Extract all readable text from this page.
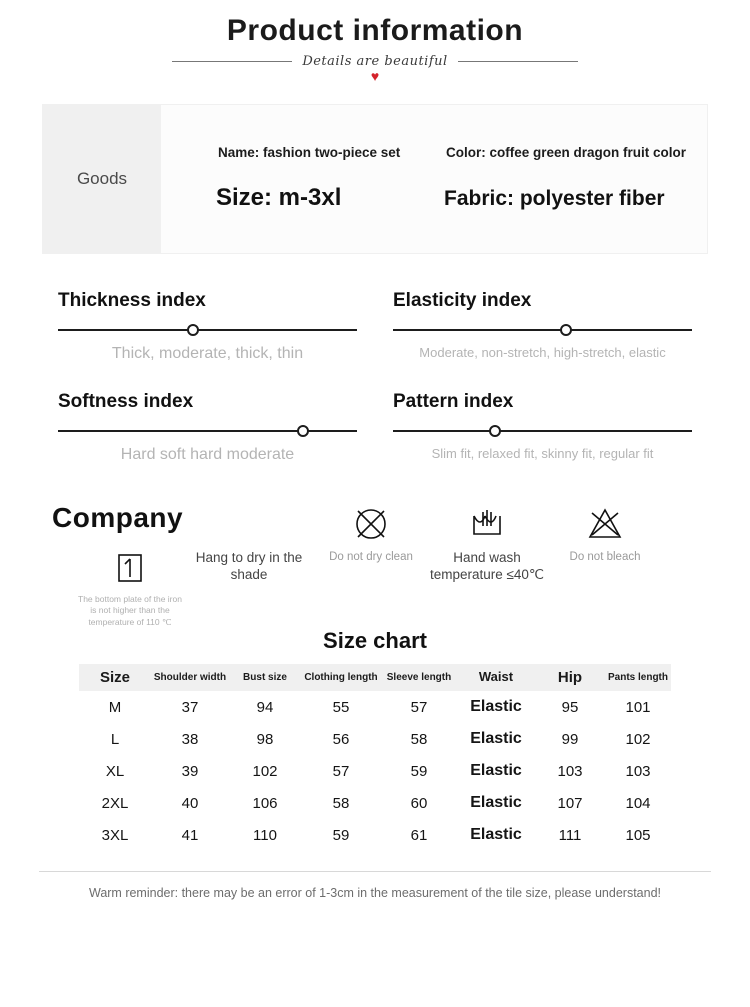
Product information
Details are beautiful
♥
Goods
Name: fashion two-piece set	Color: coffee green dragon fruit color
Size: m-3xl	Fabric: polyester fiber
Thickness index
Thick, moderate, thick, thin
Elasticity index
Moderate, non-stretch, high-stretch, elastic
Softness index
Hard soft hard moderate
Pattern index
Slim fit, relaxed fit, skinny fit, regular fit
Company
The bottom plate of the iron is not higher than the temperature of 110 ℃
Hang to dry in the shade
Do not dry clean	Hand wash temperature ≤40℃
Do not bleach
Size chart
Size	Shoulder width	Bust size	Clothing length	Sleeve length	Waist	Hip	Pants length
M	37	94	55	57	Elastic	95	101
L	38	98	56	58	Elastic	99	102
XL	39	102	57	59	Elastic	103	103
2XL	40	106	58	60	Elastic	107	104
3XL	41	110	59	61	Elastic	111	105
Warm reminder: there may be an error of 1-3cm in the measurement of the tile size, please understand!
